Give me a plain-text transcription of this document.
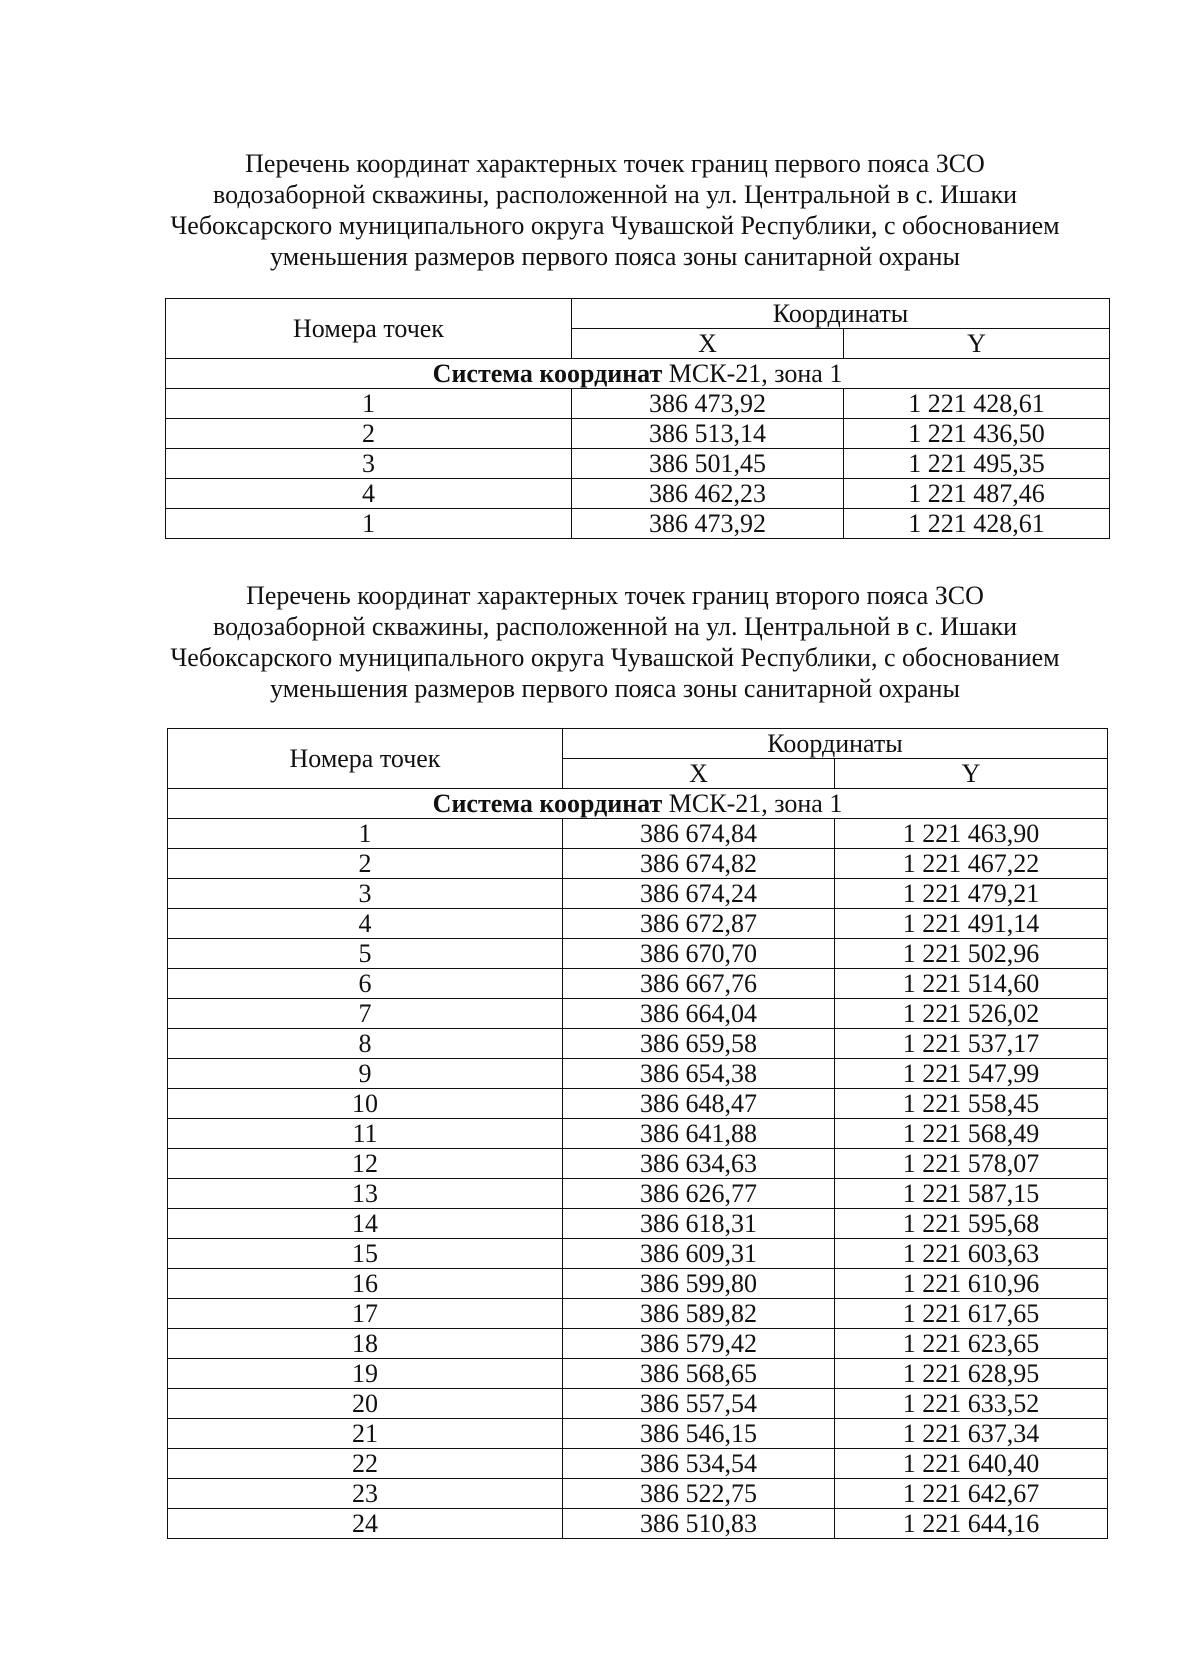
Перечень координат характерных точек границ первого пояса ЗСО
водозаборной скважины, расположенной на ул. Центральной в с. Ишаки
Чебоксарского муниципального округа Чувашской Республики, с обоснованием
уменьшения размеров первого пояса зоны санитарной охраны
Номера точек	Координаты	
	X	Y
Система координат МСК-21, зона 1		
1	386 473,92	1 221 428,61
2	386 513,14	1 221 436,50
3	386 501,45	1 221 495,35
4	386 462,23	1 221 487,46
1	386 473,92	1 221 428,61
Перечень координат характерных точек границ второго пояса ЗСО
водозаборной скважины, расположенной на ул. Центральной в с. Ишаки
Чебоксарского муниципального округа Чувашской Республики, с обоснованием
уменьшения размеров первого пояса зоны санитарной охраны
Номера точек	Координаты	
	X	Y
Система координат МСК-21, зона 1		
1	386 674,84	1 221 463,90
2	386 674,82	1 221 467,22
3	386 674,24	1 221 479,21
4	386 672,87	1 221 491,14
5	386 670,70	1 221 502,96
6	386 667,76	1 221 514,60
7	386 664,04	1 221 526,02
8	386 659,58	1 221 537,17
9	386 654,38	1 221 547,99
10	386 648,47	1 221 558,45
11	386 641,88	1 221 568,49
12	386 634,63	1 221 578,07
13	386 626,77	1 221 587,15
14	386 618,31	1 221 595,68
15	386 609,31	1 221 603,63
16	386 599,80	1 221 610,96
17	386 589,82	1 221 617,65
18	386 579,42	1 221 623,65
19	386 568,65	1 221 628,95
20	386 557,54	1 221 633,52
21	386 546,15	1 221 637,34
22	386 534,54	1 221 640,40
23	386 522,75	1 221 642,67
24	386 510,83	1 221 644,16
